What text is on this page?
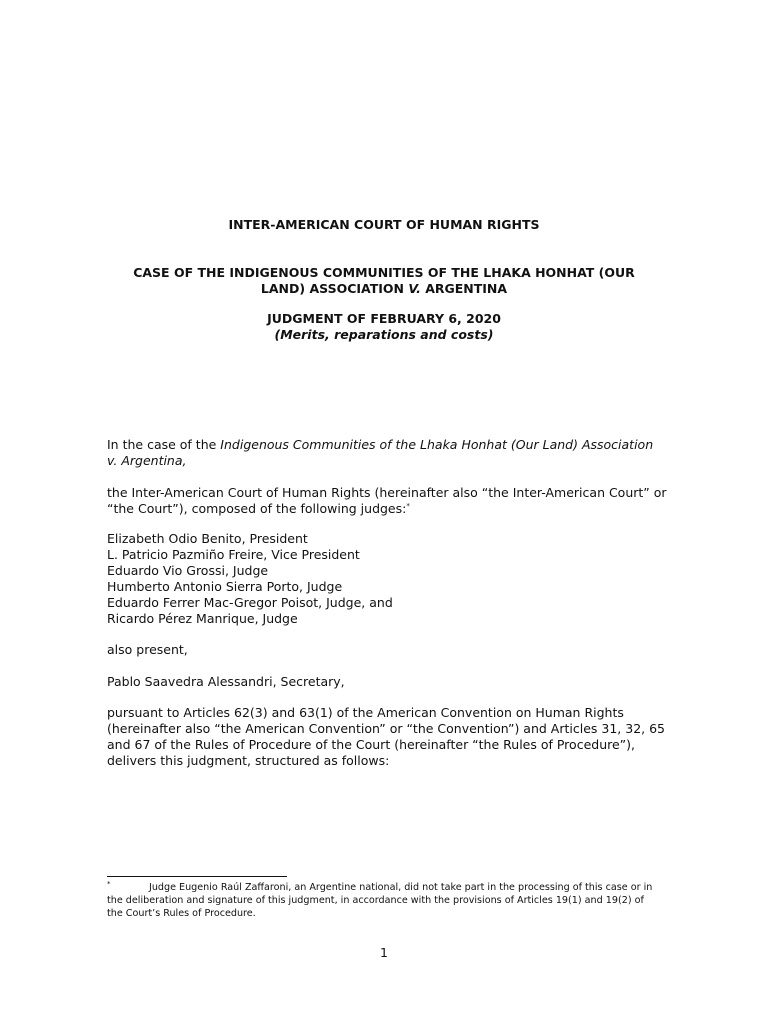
INTER-AMERICAN COURT OF HUMAN RIGHTS
CASE OF THE INDIGENOUS COMMUNITIES OF THE LHAKA HONHAT (OUR
LAND) ASSOCIATION V. ARGENTINA
JUDGMENT OF FEBRUARY 6, 2020
(Merits, reparations and costs)
In the case of the Indigenous Communities of the Lhaka Honhat (Our Land) Association v. Argentina,
the Inter-American Court of Human Rights (hereinafter also “the Inter-American Court” or “the Court”), composed of the following judges:*
Elizabeth Odio Benito, President
L. Patricio Pazmiño Freire, Vice President
Eduardo Vio Grossi, Judge
Humberto Antonio Sierra Porto, Judge
Eduardo Ferrer Mac-Gregor Poisot, Judge, and
Ricardo Pérez Manrique, Judge
also present,
Pablo Saavedra Alessandri, Secretary,
pursuant to Articles 62(3) and 63(1) of the American Convention on Human Rights (hereinafter also “the American Convention” or “the Convention”) and Articles 31, 32, 65 and 67 of the Rules of Procedure of the Court (hereinafter “the Rules of Procedure”), delivers this judgment, structured as follows:
*	Judge Eugenio Raúl Zaffaroni, an Argentine national, did not take part in the processing of this case or in the deliberation and signature of this judgment, in accordance with the provisions of Articles 19(1) and 19(2) of the Court’s Rules of Procedure.
1
